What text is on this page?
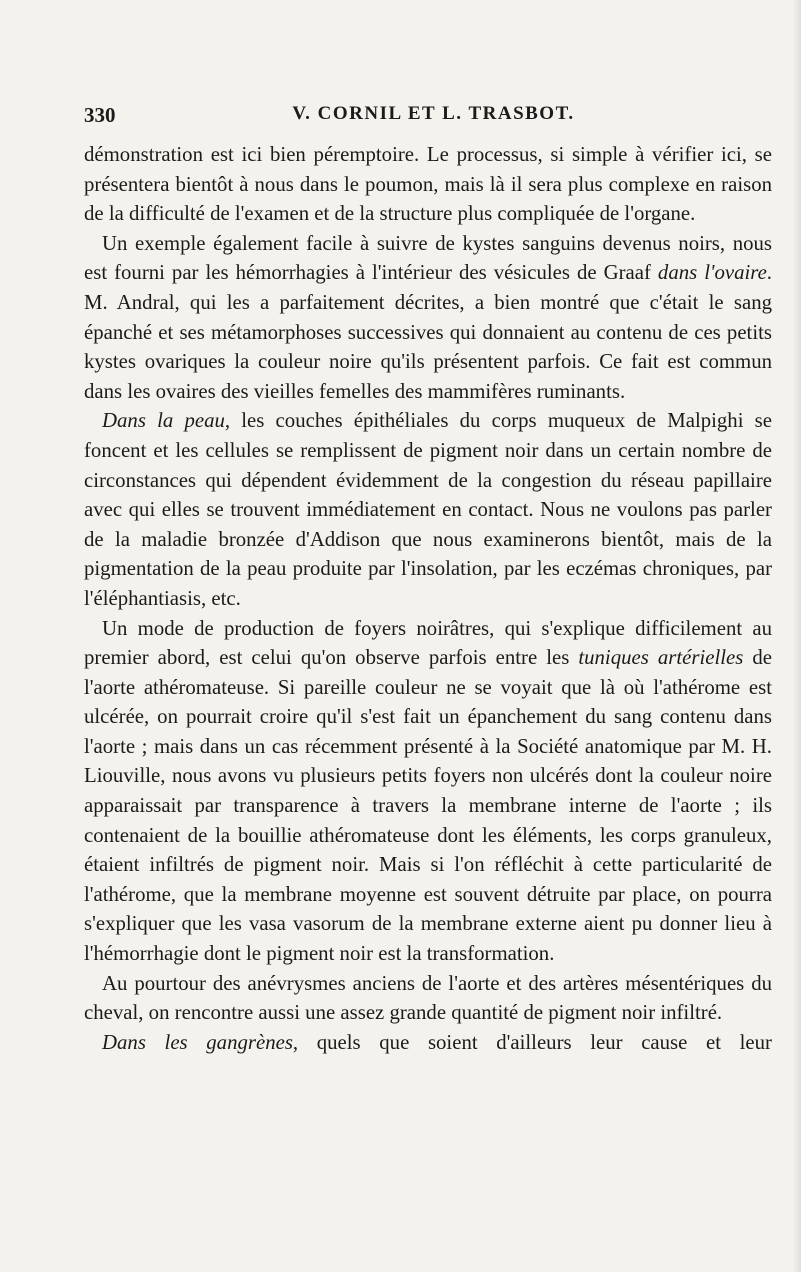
330	V. CORNIL ET L. TRASBOT.

démonstration est ici bien péremptoire. Le processus, si simple à vérifier ici, se présentera bientôt à nous dans le poumon, mais là il sera plus complexe en raison de la difficulté de l'examen et de la structure plus compliquée de l'organe.

Un exemple également facile à suivre de kystes sanguins devenus noirs, nous est fourni par les hémorrhagies à l'intérieur des vésicules de Graaf dans l'ovaire. M. Andral, qui les a parfaitement décrites, a bien montré que c'était le sang épanché et ses métamorphoses successives qui donnaient au contenu de ces petits kystes ovariques la couleur noire qu'ils présentent parfois. Ce fait est commun dans les ovaires des vieilles femelles des mammifères ruminants.

Dans la peau, les couches épithéliales du corps muqueux de Malpighi se foncent et les cellules se remplissent de pigment noir dans un certain nombre de circonstances qui dépendent évidemment de la congestion du réseau papillaire avec qui elles se trouvent immédiatement en contact. Nous ne voulons pas parler de la maladie bronzée d'Addison que nous examinerons bientôt, mais de la pigmentation de la peau produite par l'insolation, par les eczémas chroniques, par l'éléphantiasis, etc.

Un mode de production de foyers noirâtres, qui s'explique difficilement au premier abord, est celui qu'on observe parfois entre les tuniques artérielles de l'aorte athéromateuse. Si pareille couleur ne se voyait que là où l'athérome est ulcérée, on pourrait croire qu'il s'est fait un épanchement du sang contenu dans l'aorte ; mais dans un cas récemment présenté à la Société anatomique par M. H. Liouville, nous avons vu plusieurs petits foyers non ulcérés dont la couleur noire apparaissait par transparence à travers la membrane interne de l'aorte ; ils contenaient de la bouillie athéromateuse dont les éléments, les corps granuleux, étaient infiltrés de pigment noir. Mais si l'on réfléchit à cette particularité de l'athérome, que la membrane moyenne est souvent détruite par place, on pourra s'expliquer que les vasa vasorum de la membrane externe aient pu donner lieu à l'hémorrhagie dont le pigment noir est la transformation.

Au pourtour des anévrysmes anciens de l'aorte et des artères mésentériques du cheval, on rencontre aussi une assez grande quantité de pigment noir infiltré.

Dans les gangrènes, quels que soient d'ailleurs leur cause et leur
